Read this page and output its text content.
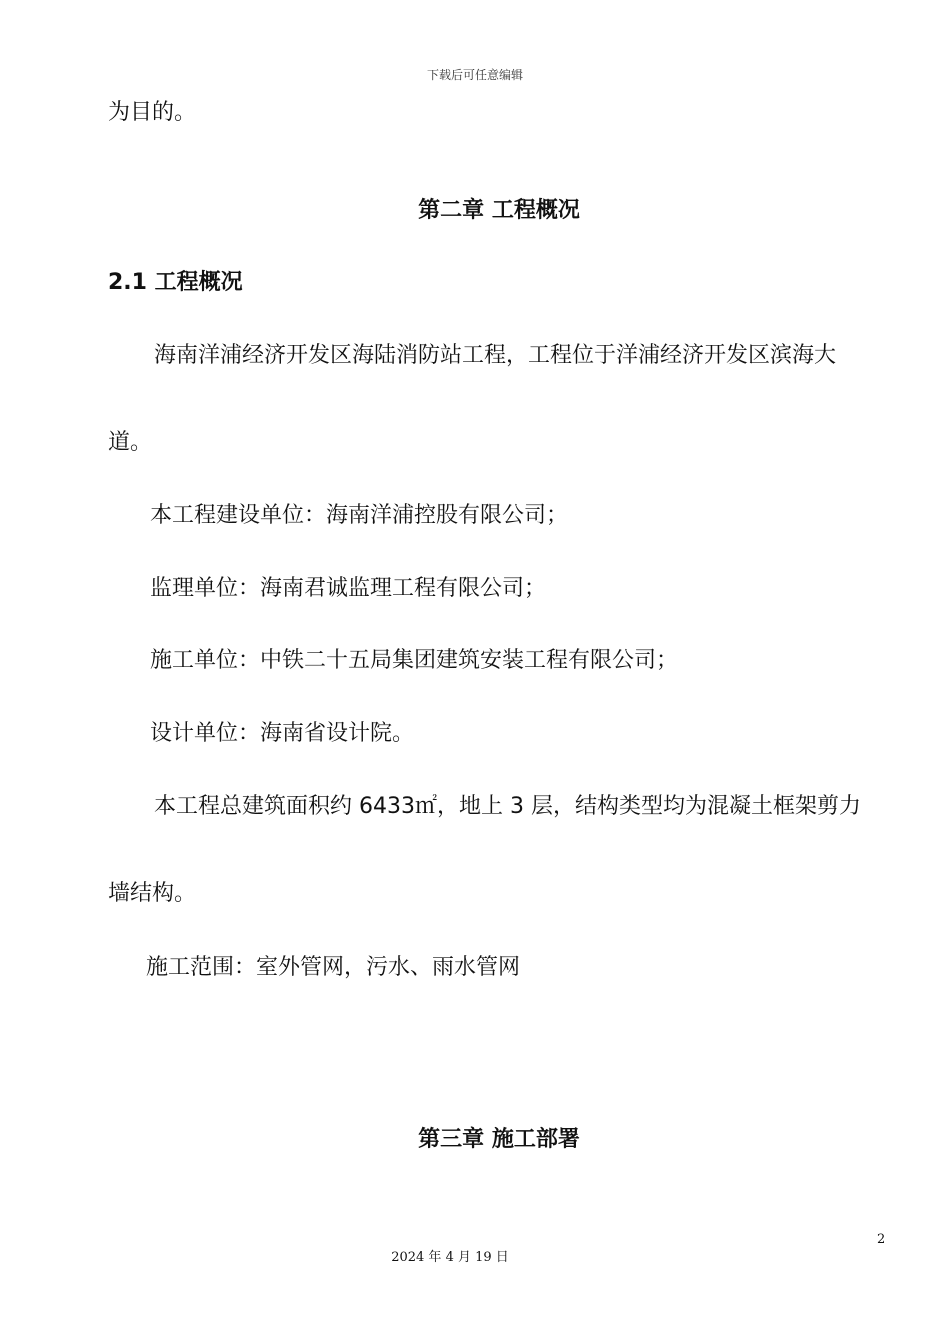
下载后可任意编辑
为目的。
第二章 工程概况
2.1 工程概况
海南洋浦经济开发区海陆消防站工程，工程位于洋浦经济开发区滨海大
道。
本工程建设单位：海南洋浦控股有限公司；
监理单位：海南君诚监理工程有限公司；
施工单位：中铁二十五局集团建筑安装工程有限公司；
设计单位：海南省设计院。
本工程总建筑面积约 6433㎡，地上 3 层，结构类型均为混凝土框架剪力
墙结构。
施工范围：室外管网，污水、雨水管网
第三章 施工部署
2
2024 年 4 月 19 日
